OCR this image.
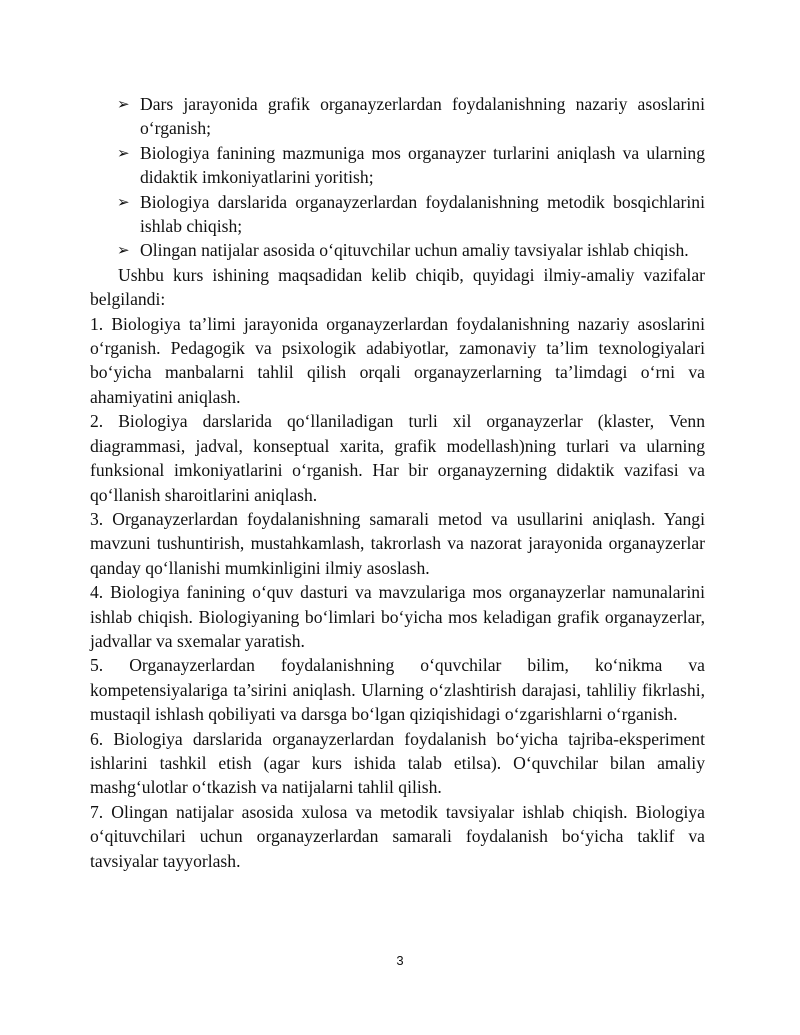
➢ Dars jarayonida grafik organayzerlardan foydalanishning nazariy asoslarini o‘rganish;
➢ Biologiya fanining mazmuniga mos organayzer turlarini aniqlash va ularning didaktik imkoniyatlarini yoritish;
➢ Biologiya darslarida organayzerlardan foydalanishning metodik bosqichlarini ishlab chiqish;
➢ Olingan natijalar asosida o‘qituvchilar uchun amaliy tavsiyalar ishlab chiqish.

Ushbu kurs ishining maqsadidan kelib chiqib, quyidagi ilmiy-amaliy vazifalar belgilandi:

1. Biologiya ta’limi jarayonida organayzerlardan foydalanishning nazariy asoslarini o‘rganish. Pedagogik va psixologik adabiyotlar, zamonaviy ta’lim texnologiyalari bo‘yicha manbalarni tahlil qilish orqali organayzerlarning ta’limdagi o‘rni va ahamiyatini aniqlash.

2. Biologiya darslarida qo‘llaniladigan turli xil organayzerlar (klaster, Venn diagrammasi, jadval, konseptual xarita, grafik modellash)ning turlari va ularning funksional imkoniyatlarini o‘rganish. Har bir organayzerning didaktik vazifasi va qo‘llanish sharoitlarini aniqlash.

3. Organayzerlardan foydalanishning samarali metod va usullarini aniqlash. Yangi mavzuni tushuntirish, mustahkamlash, takrorlash va nazorat jarayonida organayzerlar qanday qo‘llanishi mumkinligini ilmiy asoslash.

4. Biologiya fanining o‘quv dasturi va mavzulariga mos organayzerlar namunalarini ishlab chiqish. Biologiyaning bo‘limlari bo‘yicha mos keladigan grafik organayzerlar, jadvallar va sxemalar yaratish.

5. Organayzerlardan foydalanishning o‘quvchilar bilim, ko‘nikma va kompetensiyalariga ta’sirini aniqlash. Ularning o‘zlashtirish darajasi, tahliliy fikrlashi, mustaqil ishlash qobiliyati va darsga bo‘lgan qiziqishidagi o‘zgarishlarni o‘rganish.

6. Biologiya darslarida organayzerlardan foydalanish bo‘yicha tajriba-eksperiment ishlarini tashkil etish (agar kurs ishida talab etilsa). O‘quvchilar bilan amaliy mashg‘ulotlar o‘tkazish va natijalarni tahlil qilish.

7. Olingan natijalar asosida xulosa va metodik tavsiyalar ishlab chiqish. Biologiya o‘qituvchilari uchun organayzerlardan samarali foydalanish bo‘yicha taklif va tavsiyalar tayyorlash.

3
